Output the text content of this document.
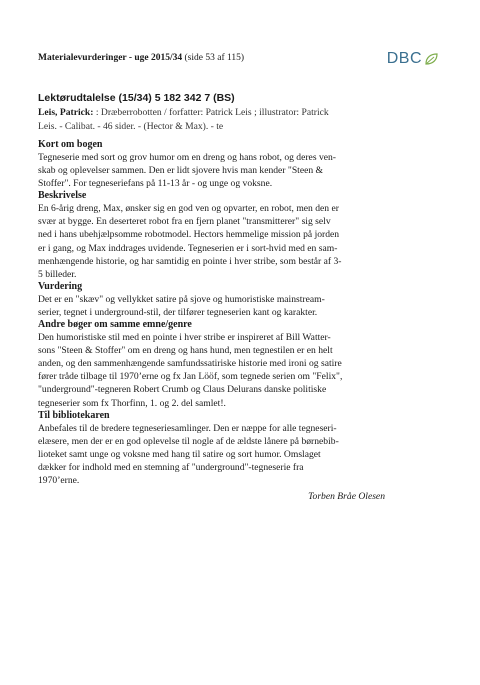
Materialevurderinger - uge 2015/34 (side 53 af 115)	DBC
Lektørudtalelse (15/34) 5 182 342 7 (BS)
Leis, Patrick: : Dræberrobotten / forfatter: Patrick Leis ; illustrator: Patrick
Leis. - Calibat. - 46 sider. - (Hector & Max). - te
Kort om bogen
Tegneserie med sort og grov humor om en dreng og hans robot, og deres ven-
skab og oplevelser sammen. Den er lidt sjovere hvis man kender "Steen &
Stoffer". For tegneseriefans på 11-13 år - og unge og voksne.
Beskrivelse
En 6-årig dreng, Max, ønsker sig en god ven og opvarter, en robot, men den er
svær at bygge. En deserteret robot fra en fjern planet "transmitterer" sig selv
ned i hans ubehjælpsomme robotmodel. Hectors hemmelige mission på jorden
er i gang, og Max inddrages uvidende. Tegneserien er i sort-hvid med en sam-
menhængende historie, og har samtidig en pointe i hver stribe, som består af 3-
5 billeder.
Vurdering
Det er en "skæv" og vellykket satire på sjove og humoristiske mainstream-
serier, tegnet i underground-stil, der tilfører tegneserien kant og karakter.
Andre bøger om samme emne/genre
Den humoristiske stil med en pointe i hver stribe er inspireret af Bill Watter-
sons "Steen & Stoffer" om en dreng og hans hund, men tegnestilen er en helt
anden, og den sammenhængende samfundssatiriske historie med ironi og satire
fører tråde tilbage til 1970’erne og fx Jan Lööf, som tegnede serien om "Felix",
"underground"-tegneren Robert Crumb og Claus Delurans danske politiske
tegneserier som fx Thorfinn, 1. og 2. del samlet!.
Til bibliotekaren
Anbefales til de bredere tegneseriesamlinger. Den er næppe for alle tegneseri-
elæsere, men der er en god oplevelse til nogle af de ældste lånere på børnebib-
lioteket samt unge og voksne med hang til satire og sort humor. Omslaget
dækker for indhold med en stemning af "underground"-tegneserie fra
1970’erne.
Torben Bråe Olesen
